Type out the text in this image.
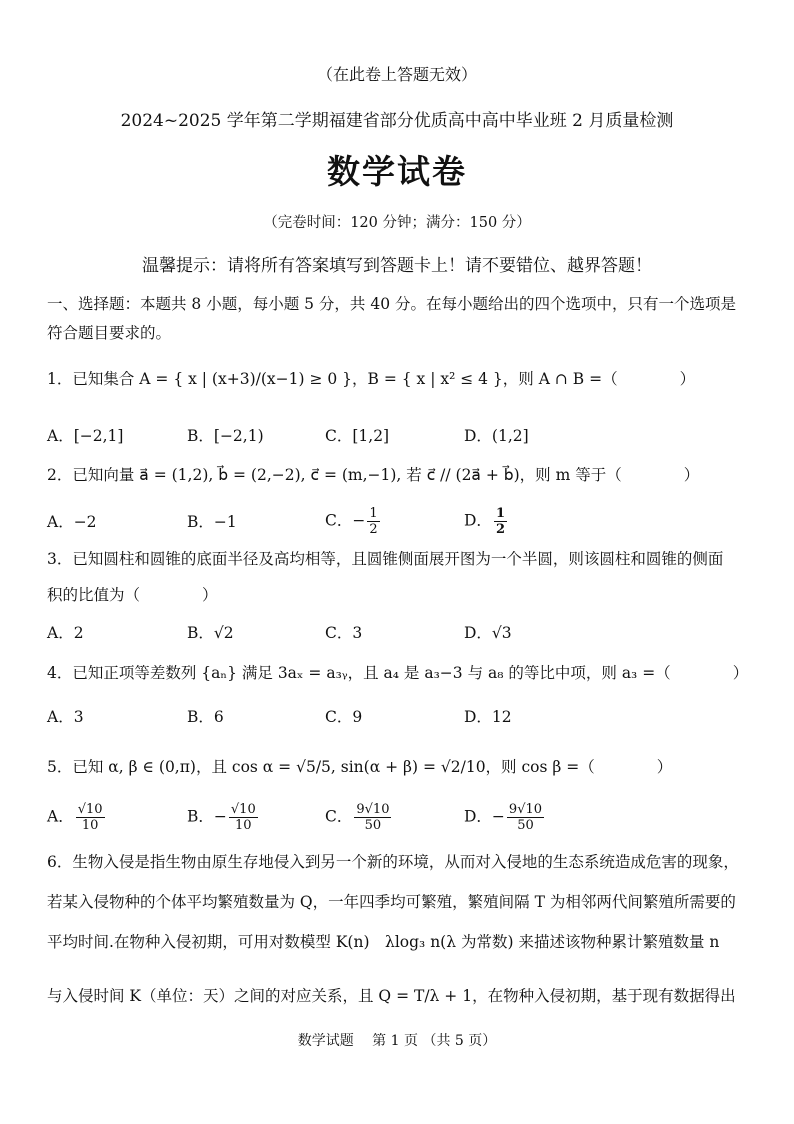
（在此卷上答题无效）
2024~2025 学年第二学期福建省部分优质高中高中毕业班 2 月质量检测
数学试卷
（完卷时间：120 分钟；满分：150 分）
温馨提示：请将所有答案填写到答题卡上！请不要错位、越界答题！
一、选择题：本题共 8 小题，每小题 5 分，共 40 分。在每小题给出的四个选项中，只有一个选项是
符合题目要求的。
1．已知集合 A = { x | (x+3)/(x−1) ≥ 0 }，B = { x | x² ≤ 4 }，则 A ∩ B =（　　　　）
A．[−2,1]	B．[−2,1)	C．[1,2]	D．(1,2]
2．已知向量 a⃗ = (1,2), b⃗ = (2,−2), c⃗ = (m,−1), 若 c⃗ // (2a⃗ + b⃗)，则 m 等于（　　　　）
A．−2	B．−1	C．− $\frac{1}{2}$	D． $\frac{1}{2}$
3．已知圆柱和圆锥的底面半径及高均相等，且圆锥侧面展开图为一个半圆，则该圆柱和圆锥的侧面
积的比值为（　　　　）
A．2	B．√2	C．3	D．√3
4．已知正项等差数列 {aₙ} 满足 3aₓ = a₃ᵧ，且 a₄ 是 a₃−3 与 a₈ 的等比中项，则 a₃ =（　　　　）
A．3	B．6	C．9	D．12
5．已知 α, β ∈ (0,π)，且 cos α = √5/5, sin(α + β) = √2/10，则 cos β =（　　　　）
A． $\frac{√10}{10}$	B．− $\frac{√10}{10}$	C． $\frac{9√10}{50}$	D．− $\frac{9√10}{50}$
6．生物入侵是指生物由原生存地侵入到另一个新的环境，从而对入侵地的生态系统造成危害的现象，
若某入侵物种的个体平均繁殖数量为 Q，一年四季均可繁殖，繁殖间隔 T 为相邻两代间繁殖所需要的
平均时间.在物种入侵初期，可用对数模型 K(n)　λlog₃ n(λ 为常数) 来描述该物种累计繁殖数量 n
与入侵时间 K（单位：天）之间的对应关系，且 Q = T/λ + 1，在物种入侵初期，基于现有数据得出
数学试题　 第 1 页 （共 5 页）
